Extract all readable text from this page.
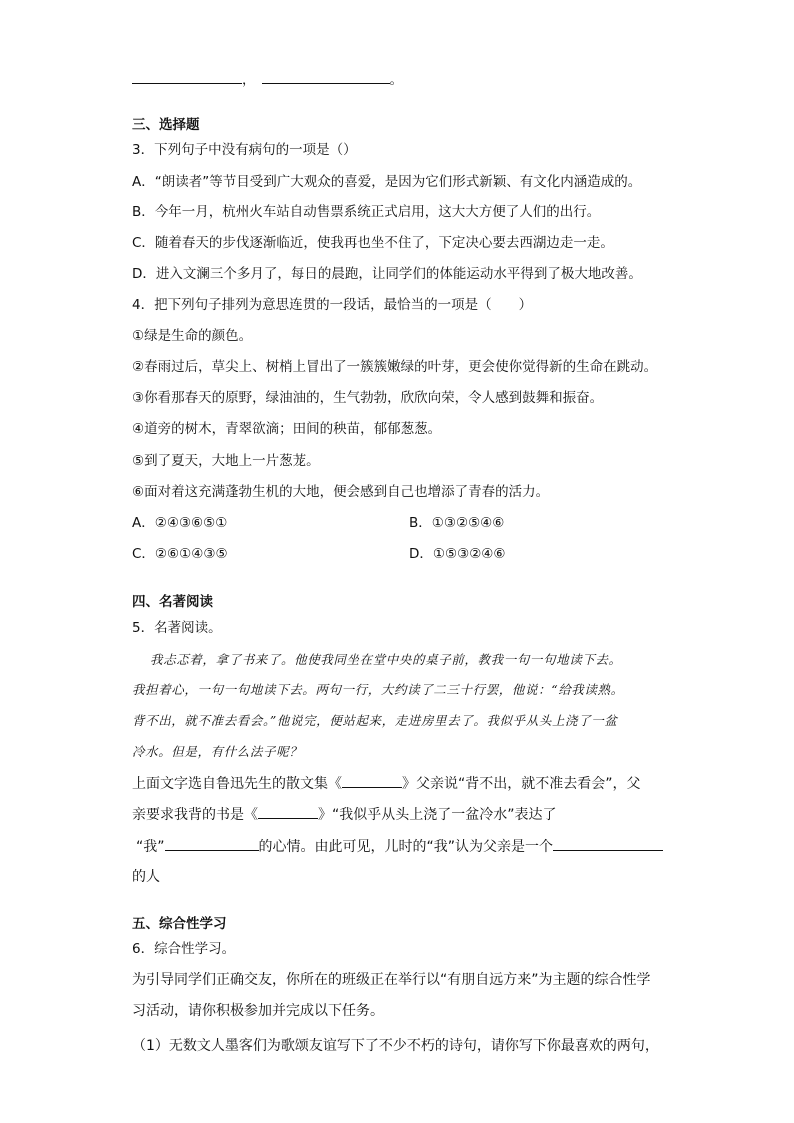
，	。
三、选择题
3．下列句子中没有病句的一项是（）
A．“朗读者”等节目受到广大观众的喜爱，是因为它们形式新颖、有文化内涵造成的。
B．今年一月，杭州火车站自动售票系统正式启用，这大大方便了人们的出行。
C．随着春天的步伐逐渐临近，使我再也坐不住了，下定决心要去西湖边走一走。
D．进入文澜三个多月了，每日的晨跑，让同学们的体能运动水平得到了极大地改善。
4．把下列句子排列为意思连贯的一段话，最恰当的一项是（　　）
①绿是生命的颜色。
②春雨过后，草尖上、树梢上冒出了一簇簇嫩绿的叶芽，更会使你觉得新的生命在跳动。
③你看那春天的原野，绿油油的，生气勃勃，欣欣向荣，令人感到鼓舞和振奋。
④道旁的树木，青翠欲滴；田间的秧苗，郁郁葱葱。
⑤到了夏天，大地上一片葱茏。
⑥面对着这充满蓬勃生机的大地，便会感到自己也增添了青春的活力。
A．②④③⑥⑤①	B．①③②⑤④⑥
C．②⑥①④③⑤	D．①⑤③②④⑥
四、名著阅读
5．名著阅读。
我忐忑着，拿了书来了。他使我同坐在堂中央的桌子前，教我一句一句地读下去。
我担着心，一句一句地读下去。两句一行，大约读了二三十行罢，他说：“给我读熟。
背不出，就不准去看会。”他说完，便站起来，走进房里去了。我似乎从头上浇了一盆
冷水。但是，有什么法子呢？
上面文字选自鲁迅先生的散文集《	》父亲说“背不出，就不准去看会”，父
亲要求我背的书是《	》“我似乎从头上浇了一盆冷水”表达了
“我”	的心情。由此可见，儿时的“我”认为父亲是一个
的人
五、综合性学习
6．综合性学习。
为引导同学们正确交友，你所在的班级正在举行以“有朋自远方来”为主题的综合性学
习活动，请你积极参加并完成以下任务。
（1）无数文人墨客们为歌颂友谊写下了不少不朽的诗句，请你写下你最喜欢的两句，
